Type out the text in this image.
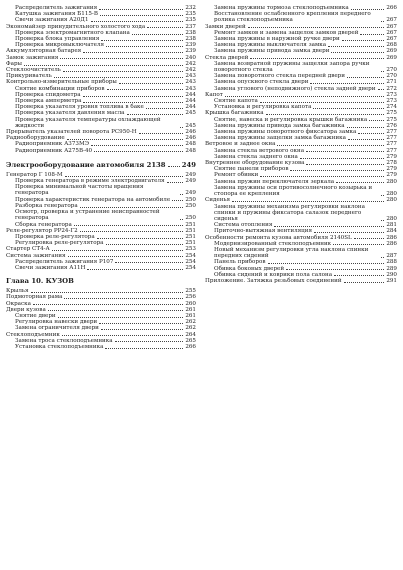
Распределитель зажигания	232
Катушка зажигания Б115-В	235
Свечи зажигания A20Д1	235
Экономайзер принудительного холостого хода	237
Проверка электромагнитного клапана	238
Проверка блока управления	238
Проверка микровыключателя	239
Аккумуляторная батарея	239
Замок зажигания	240
Фары	242
Стеклоочиститель	242
Прикуриватель	243
Контрольно-измерительные приборы	243
Снятие комбинации приборов	243
Проверка спидометра	244
Проверка амперметра	244
Проверка указателя уровня топлива в баке	244
Проверка указателя давления масла	245
Проверка указателя температуры охлаждающей жидкости	245
Прерыватель указателей поворота РС950-Н	246
Радиооборудование	246
Радиоприемник А373МЭ	248
Радиоприемник А275В-40	248
Электрооборудование автомобиля 2138 249
Генератор Г 108-М	249
Проверка генератора в режиме электродвигателя	249
Проверка минимальной частоты вращения генератора	249
Проверка характеристик генератора на автомобиле	250
Разборка генератора	250
Осмотр, проверка и устранение неисправностей генератора	250
Сборка генератора	251
Реле-регулятор РР24-Г2	251
Проверка реле-регулятора	251
Регулировка реле-регулятора	251
Стартер СТ4-А	253
Система зажигания	254
Распределитель зажигания Р107	254
Свечи зажигания А11Н	254
Глава 10. КУЗОВ
Крылья	255
Подмоторная рама	256
Окраска	260
Двери кузова	261
Снятие двери	261
Регулировка навески двери	262
Замена ограничителя двери	262
Стеклоподъемник	264
Замена троса стеклоподъемника	265
Установка стеклоподъемника	266
Замена пружины тормоза стеклоподъемника	266
Восстановление ослабленного крепления переднего ролика стеклоподъемника	267
Замки дверей	267
Ремонт замков и замена защелок замков дверей	267
Замена пружины в наружной ручке двери	267
Замена пружины выключателя замка	268
Замена пружины привода замка двери	269
Стекла дверей	269
Замена возвратной пружины защелки запора ручки поворотного стекла	270
Замена поворотного стекла передней двери	270
Замена опускного стекла двери	271
Замена углового (неподвижного) стекла задней двери 272
Капот	273
Снятие капота	273
Установка и регулировка капота	274
Крышка багажника	275
Снятие, навеска и регулировка крышки багажника	275
Замена пружины привода замка багажника	276
Замена пружины поворотного фиксатора замка	277
Замена пружины защелки замка багажника	277
Ветровое и заднее окна	277
Замена стекла ветрового окна	277
Замена стекла заднего окна	279
Внутреннее оборудование кузова	278
Снятие панели приборов	279
Ремонт обивки	279
Замена пружин переключателя зеркала	280
Замена пружины оси противосолнечного козырька и стопора ее крепления	280
Сиденья	280
Замена пружины механизма регулировки наклона спинки и пружины фиксатора салазок переднего сиденья	280
Система отопления	281
Приточно-вытяжная вентиляция	284
Особенности ремонта кузова автомобиля 2140SL	286
Модернизированный стеклоподъемник	286
Новый механизм регулировки угла наклона спинки передних сидений	287
Панель приборов	288
Обивка боковых дверей	289
Обивка сидений и коврики пола салона	290
Приложение. Затяжка резьбовых соединений	291
